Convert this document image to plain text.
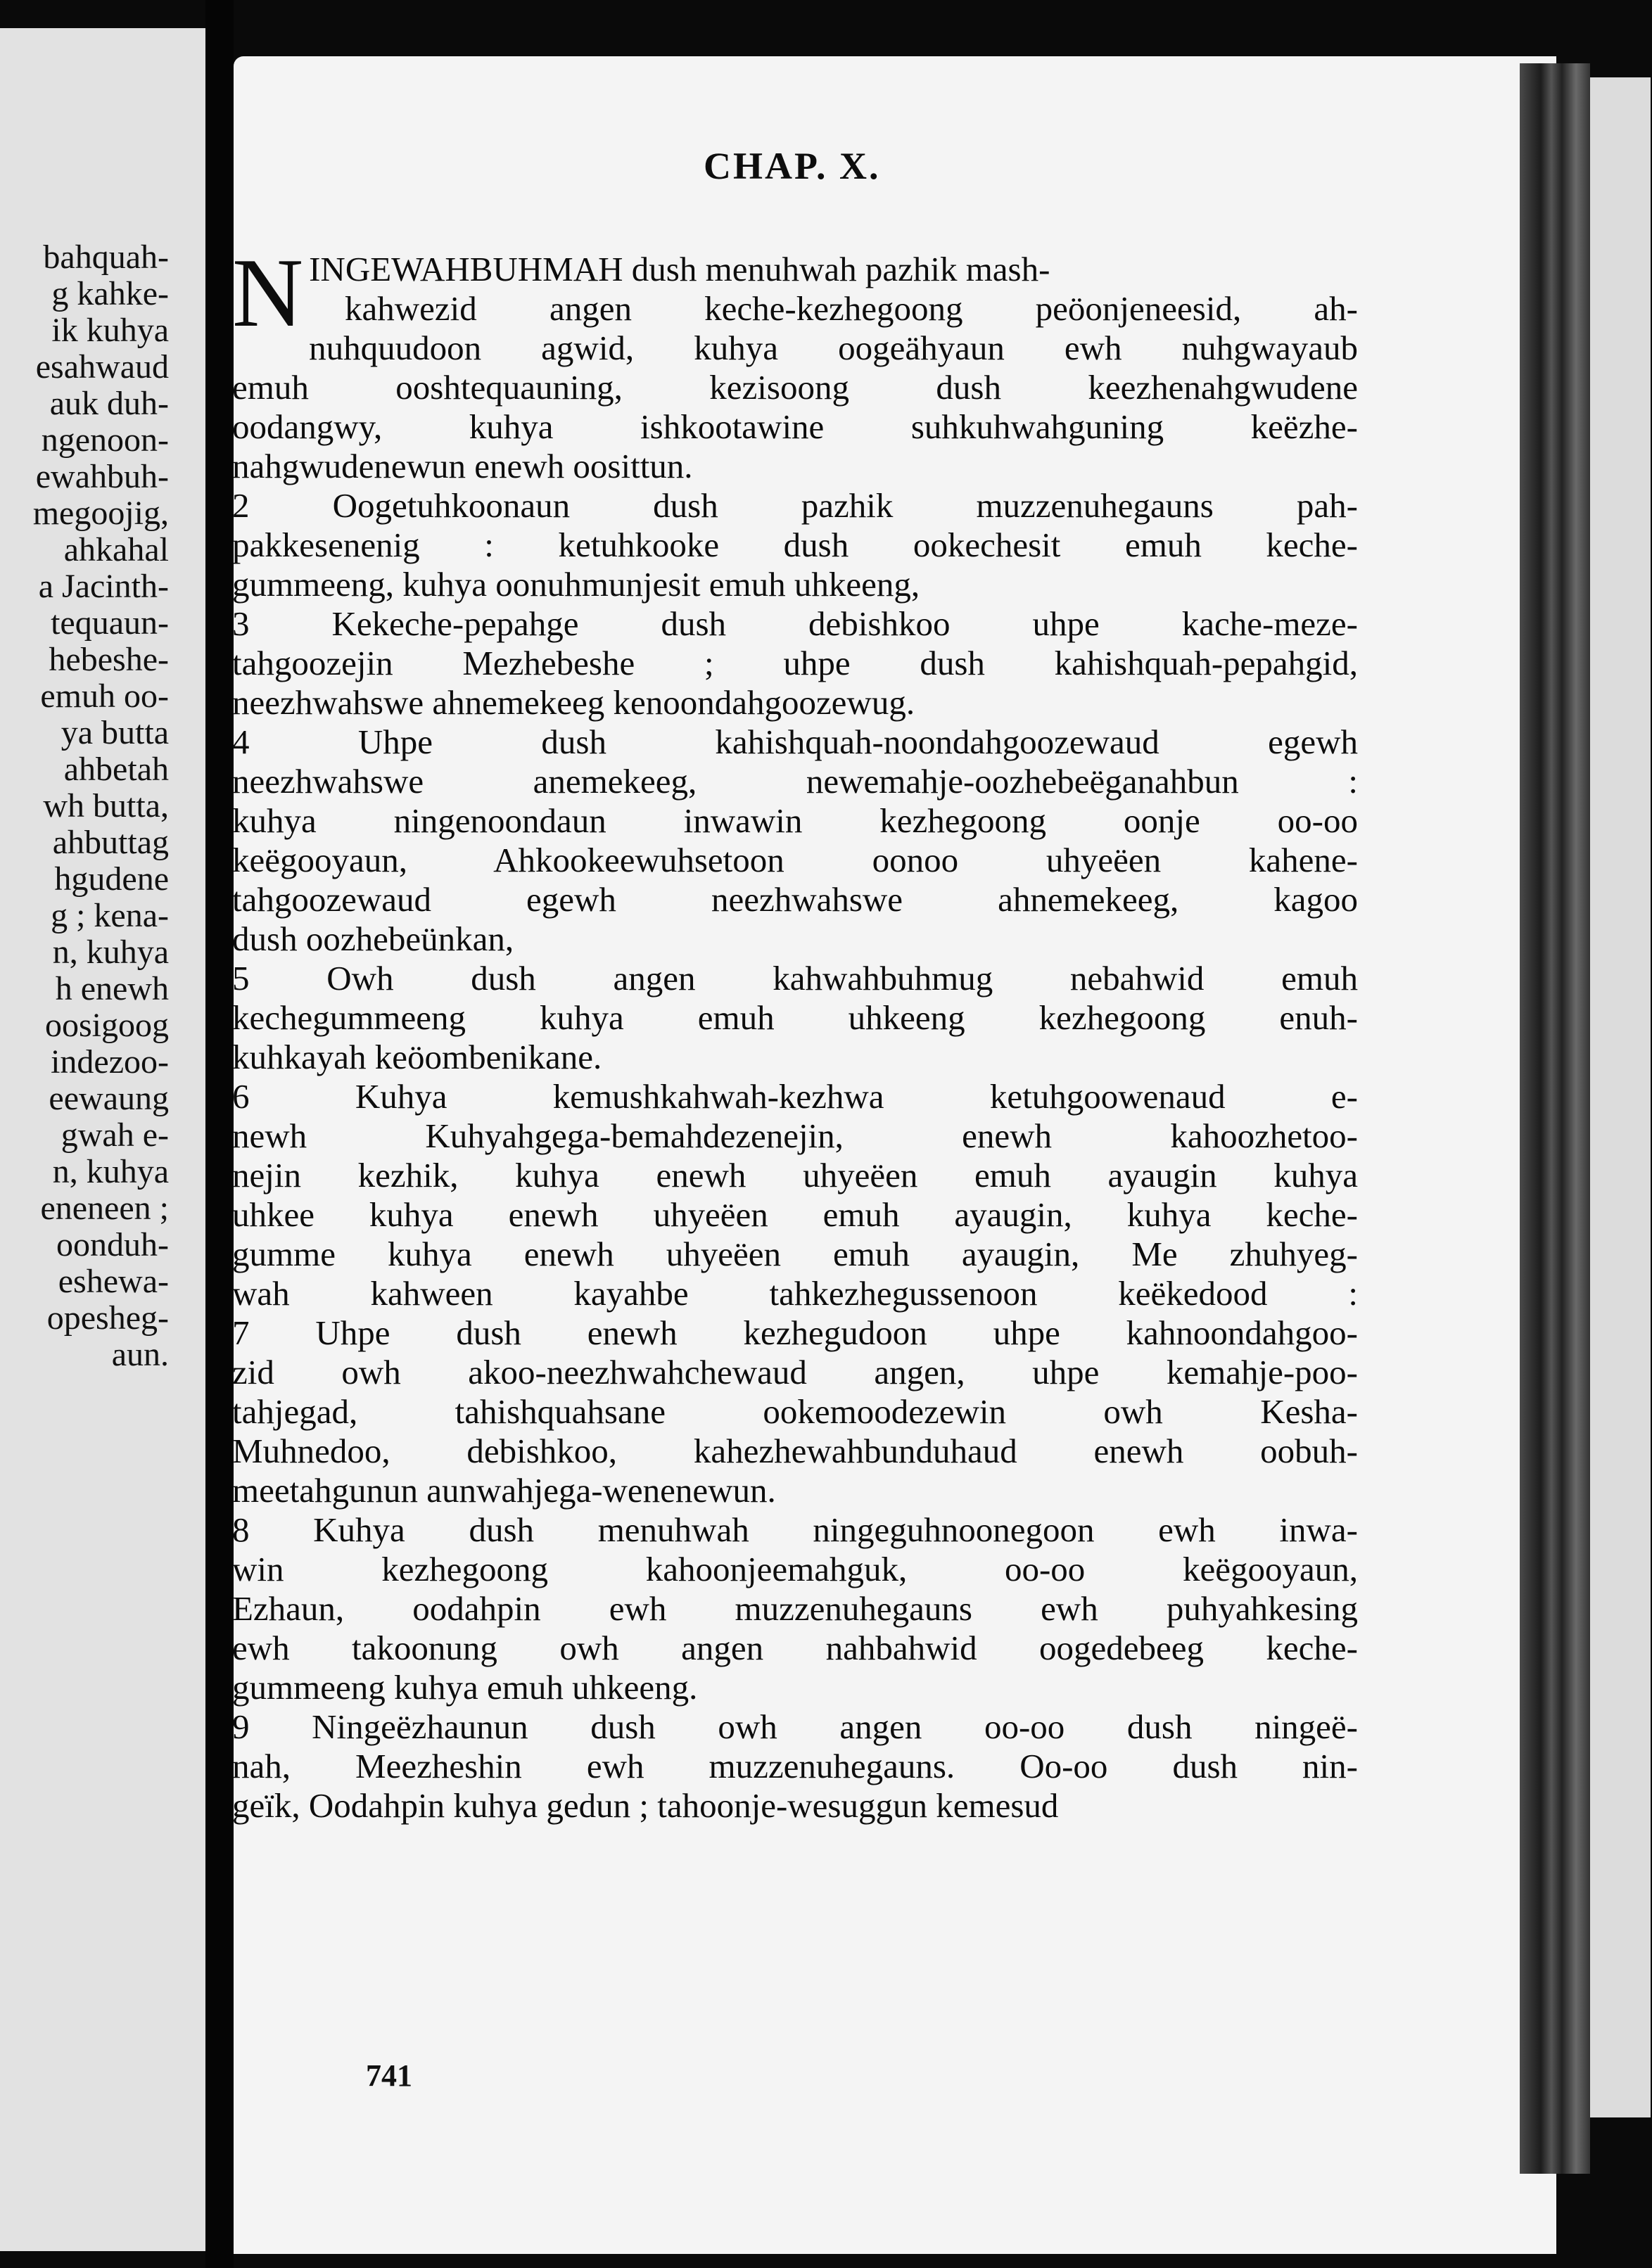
bahquah-
g kahke-
ik kuhya
esahwaud
auk duh-
ngenoon-
ewahbuh-
megoojig,
ahkahal
a Jacinth-
tequaun-
hebeshe-
emuh oo-
ya butta
ahbetah
wh butta,
ahbuttag
hgudene
g ; kena-
n, kuhya
h enewh
oosigoog
indezoo-
eewaung
gwah e-
n, kuhya
eneneen ;
oonduh-
eshewa-
opesheg-
aun.
CHAP. X.
NINGEWAHBUHMAH dush menuhwah pazhik mash-
kahwezid angen keche-kezhegoong peöonjeneesid, ah-
nuhquudoon agwid, kuhya oogeähyaun ewh nuhgwayaub
emuh ooshtequauning, kezisoong dush keezhenahgwudene
oodangwy, kuhya ishkootawine suhkuhwahguning keëzhe-
nahgwudenewun enewh oosittun.
2 Oogetuhkoonaun dush pazhik muzzenuhegauns pah-
pakkesenenig : ketuhkooke dush ookechesit emuh keche-
gummeeng, kuhya oonuhmunjesit emuh uhkeeng,
3 Kekeche-pepahge dush debishkoo uhpe kache-meze-
tahgoozejin Mezhebeshe ; uhpe dush kahishquah-pepahgid,
neezhwahswe ahnemekeeg kenoondahgoozewug.
4 Uhpe dush kahishquah-noondahgoozewaud egewh
neezhwahswe anemekeeg, newemahje-oozhebeëganahbun :
kuhya ningenoondaun inwawin kezhegoong oonje oo-oo
keëgooyaun, Ahkookeewuhsetoon oonoo uhyeëen kahene-
tahgoozewaud egewh neezhwahswe ahnemekeeg, kagoo
dush oozhebeünkan,
5 Owh dush angen kahwahbuhmug nebahwid emuh
kechegummeeng kuhya emuh uhkeeng kezhegoong enuh-
kuhkayah keöombenikane.
6 Kuhya kemushkahwah-kezhwa ketuhgoowenaud e-
newh Kuhyahgega-bemahdezenejin, enewh kahoozhetoo-
nejin kezhik, kuhya enewh uhyeëen emuh ayaugin kuhya
uhkee kuhya enewh uhyeëen emuh ayaugin, kuhya keche-
gumme kuhya enewh uhyeëen emuh ayaugin, Me zhuhyeg-
wah kahween kayahbe tahkezhegussenoon keëkedood :
7 Uhpe dush enewh kezhegudoon uhpe kahnoondahgoo-
zid owh akoo-neezhwahchewaud angen, uhpe kemahje-poo-
tahjegad, tahishquahsane ookemoodezewin owh Kesha-
Muhnedoo, debishkoo, kahezhewahbunduhaud enewh oobuh-
meetahgunun aunwahjega-wenenewun.
8 Kuhya dush menuhwah ningeguhnoonegoon ewh inwa-
win kezhegoong kahoonjeemahguk, oo-oo keëgooyaun,
Ezhaun, oodahpin ewh muzzenuhegauns ewh puhyahkesing
ewh takoonung owh angen nahbahwid oogedebeeg keche-
gummeeng kuhya emuh uhkeeng.
9 Ningeëzhaunun dush owh angen oo-oo dush ningeë-
nah, Meezheshin ewh muzzenuhegauns. Oo-oo dush nin-
geïk, Oodahpin kuhya gedun ; tahoonje-wesuggun kemesud
741
